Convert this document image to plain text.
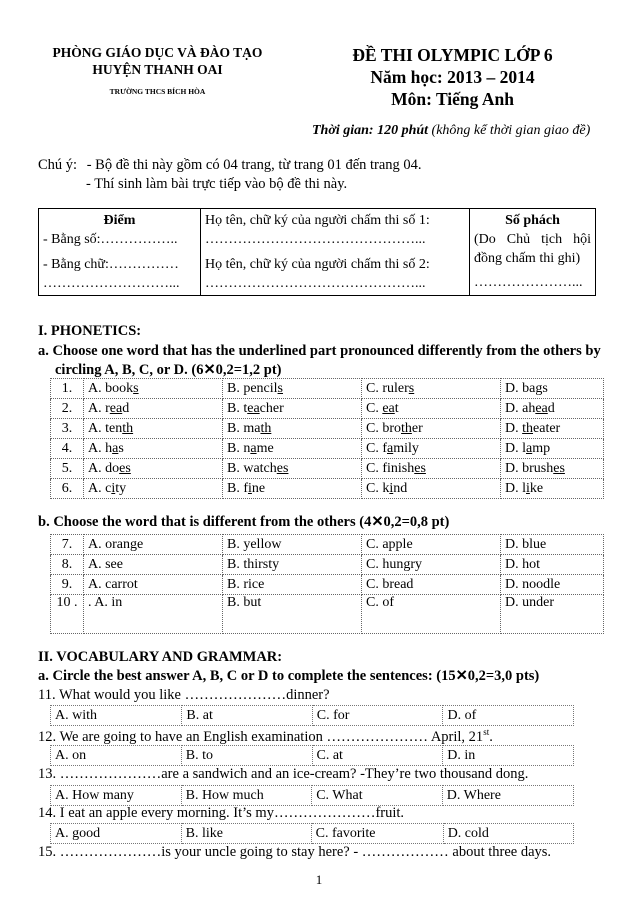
PHÒNG GIÁO DỤC VÀ ĐÀO TẠO
HUYỆN THANH OAI
TRƯỜNG THCS BÍCH HÒA
ĐỀ THI OLYMPIC LỚP 6
Năm học: 2013 – 2014
Môn: Tiếng Anh
Thời gian: 120 phút (không kể thời gian giao đề)
Chú ý: - Bộ đề thi này gồm có 04 trang, từ trang 01 đến trang 04.
- Thí sinh làm bài trực tiếp vào bộ đề thi này.
Điểm
- Bằng số:……………..
- Bằng chữ:……………
………………………...

Họ tên, chữ ký của người chấm thi số 1:
………………………………………...
Họ tên, chữ ký của người chấm thi số 2:
………………………………………...

Số phách
(Do Chủ tịch hội đồng chấm thi ghi)
…………………...
I. PHONETICS:
a. Choose one word that has the underlined part pronounced differently from the others by circling A, B, C, or D. (6✕0,2=1,2 pt)
1.	A. books	B. pencils	C. rulers	D. bags
2.	A. read	B. teacher	C. eat	D. ahead
3.	A. tenth	B. math	C. brother	D. theater
4.	A. has	B. name	C. family	D. lamp
5.	A. does	B. watches	C. finishes	D. brushes
6.	A. city	B. fine	C. kind	D. like
b. Choose the word that is different from the others (4✕0,2=0,8 pt)
7.	A. orange	B. yellow	C. apple	D. blue
8.	A. see	B. thirsty	C. hungry	D. hot
9.	A. carrot	B. rice	C. bread	D. noodle
10 .	. A. in	B. but	C. of	D. under
II. VOCABULARY AND GRAMMAR:
a. Circle the best answer A, B, C or D to complete the sentences: (15✕0,2=3,0 pts)
11. What would you like …………………dinner?
A. with	B. at	C. for	D. of
12. We are going to have an English examination ………………… April, 21st.
A. on	B. to	C. at	D. in
13. …………………are a sandwich and an ice-cream? -They’re two thousand dong.
A. How many	B. How much	C. What	D. Where
14. I eat an apple every morning. It’s my…………………fruit.
A. good	B. like	C. favorite	D. cold
15. …………………is your uncle going to stay here? - ……………… about three days.
1
